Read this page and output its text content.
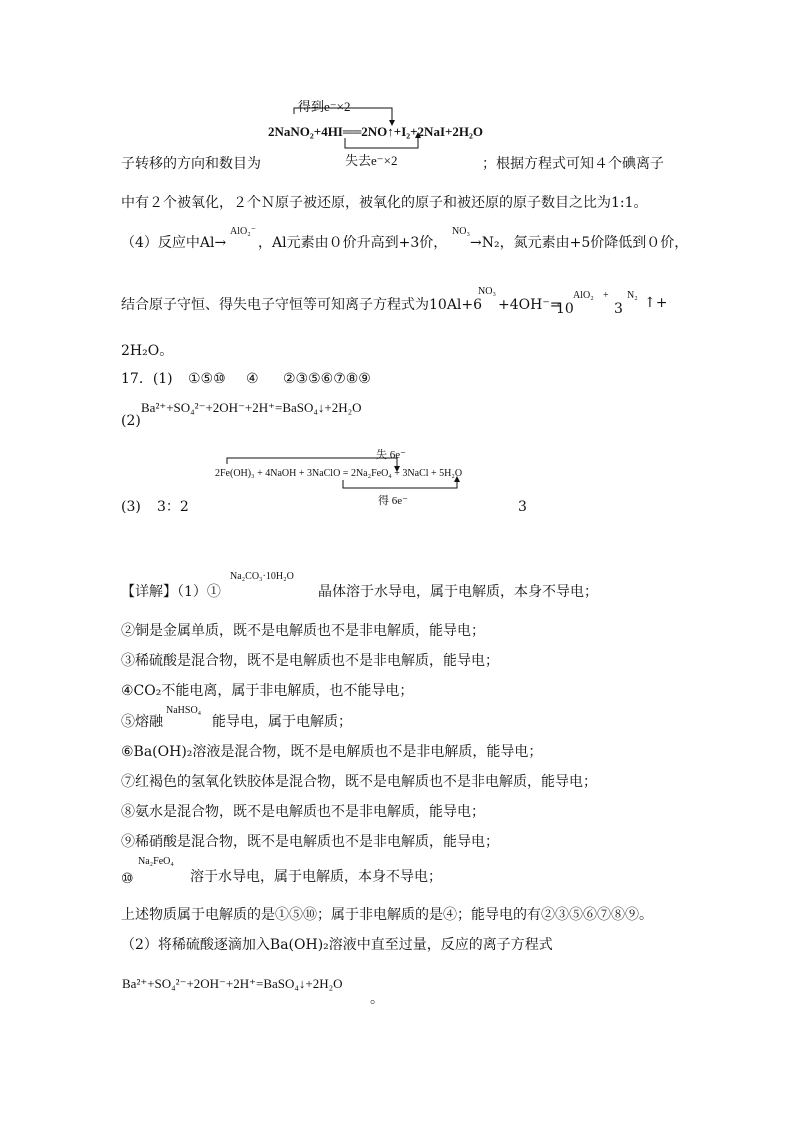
得到e⁻×2
2NaNO₂+4HI══2NO↑+I₂+2NaI+2H₂O
失去e⁻×2
子转移的方向和数目为	；根据方程式可知４个碘离子
中有２个被氧化，２个Ｎ原子被还原，被氧化的原子和被还原的原子数目之比为1:1。
（4）反应中Al→
AlO₂⁻
，Al元素由０价升高到+3价，
NO₃
→N₂，氮元素由+5价降低到０价，
结合原子守恒、得失电子守恒等可知离子方程式为10Al+6
NO₃
+4OH⁻=
10
AlO₂ +
3
N₂ ↑+
2H₂O。
17．(1) ①⑤⑩ ④ ②③⑤⑥⑦⑧⑨
(2)
Ba²⁺+SO₄²⁻+2OH⁻+2H⁺=BaSO₄↓+2H₂O
失 6e⁻
2Fe(OH)₃ + 4NaOH + 3NaClO = 2Na₂FeO₄ + 3NaCl + 5H₂O
得 6e⁻
(3) 3：2	3
【详解】（1）①
Na₂CO₃·10H₂O
晶体溶于水导电，属于电解质，本身不导电；
②铜是金属单质，既不是电解质也不是非电解质，能导电；
③稀硫酸是混合物，既不是电解质也不是非电解质，能导电；
④CO₂不能电离，属于非电解质，也不能导电；
⑤熔融
NaHSO₄
能导电，属于电解质；
⑥Ba(OH)₂溶液是混合物，既不是电解质也不是非电解质，能导电；
⑦红褐色的氢氧化铁胶体是混合物，既不是电解质也不是非电解质，能导电；
⑧氨水是混合物，既不是电解质也不是非电解质，能导电；
⑨稀硝酸是混合物，既不是电解质也不是非电解质，能导电；
⑩
Na₂FeO₄
溶于水导电，属于电解质，本身不导电；
上述物质属于电解质的是①⑤⑩；属于非电解质的是④；能导电的有②③⑤⑥⑦⑧⑨。
（2）将稀硫酸逐滴加入Ba(OH)₂溶液中直至过量，反应的离子方程式
Ba²⁺+SO₄²⁻+2OH⁻+2H⁺=BaSO₄↓+2H₂O
。
